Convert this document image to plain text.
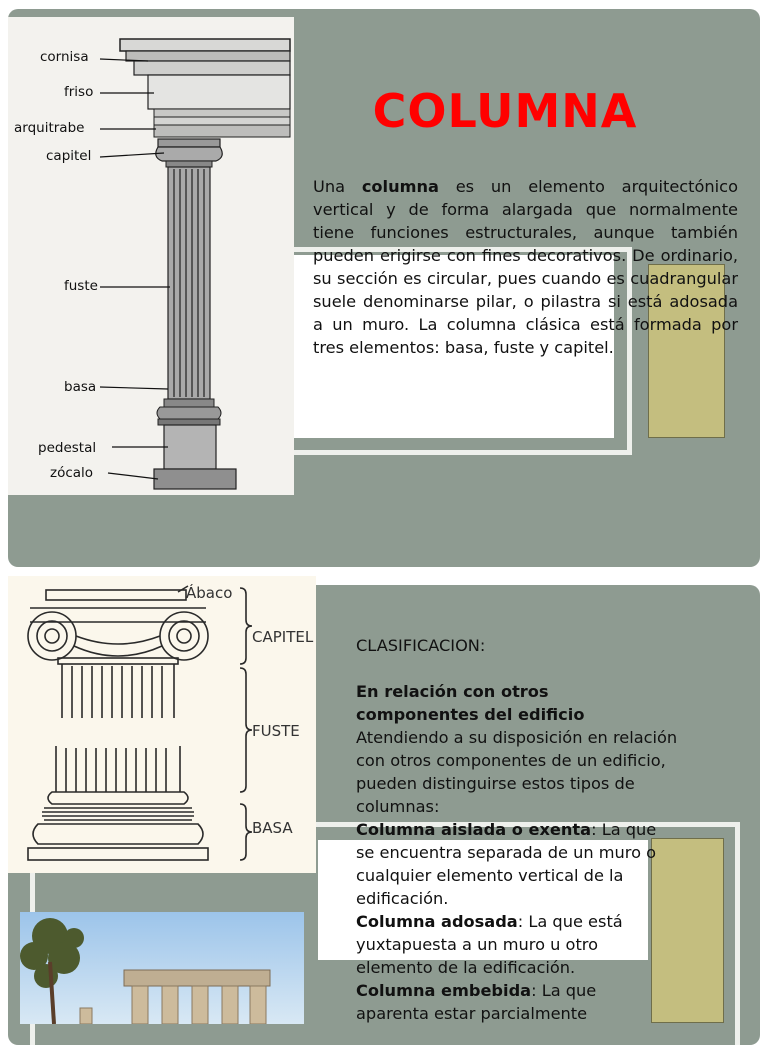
cornisa
friso
arquitrabe
capitel
fuste
basa
pedestal
zócalo
COLUMNA
Una columna es un elemento arquitectónico vertical y de forma alargada que normalmente tiene funciones estructurales, aunque también pueden erigirse con fines decorativos. De ordinario, su sección es circular, pues cuando es cuadrangular suele denominarse pilar, o pilastra si está adosada a un muro. La columna clásica está formada por tres elementos: basa, fuste y capitel.
Ábaco
CAPITEL
FUSTE
BASA
CLASIFICACION:
En relación con otros componentes del edificio
Atendiendo a su disposición en relación con otros componentes de un edificio, pueden distinguirse estos tipos de columnas:
Columna aislada o exenta: La que se encuentra separada de un muro o cualquier elemento vertical de la edificación.
Columna adosada: La que está yuxtapuesta a un muro u otro elemento de la edificación.
Columna embebida: La que aparenta estar parcialmente
